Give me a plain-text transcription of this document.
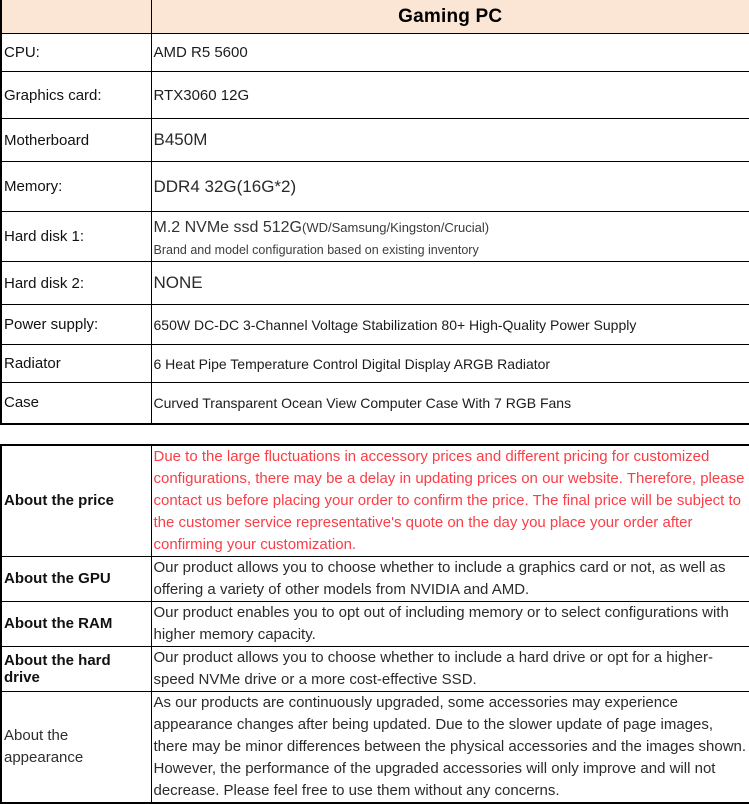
	Gaming PC
CPU:	AMD R5 5600
Graphics card:	RTX3060 12G
Motherboard	B450M
Memory:	DDR4 32G(16G*2)
Hard disk 1:	M.2 NVMe ssd 512G(WD/Samsung/Kingston/Crucial)
Brand and model configuration based on existing inventory

Hard disk 2:	NONE
Power supply:	650W DC-DC 3-Channel Voltage Stabilization 80+ High-Quality Power Supply
Radiator	6 Heat Pipe Temperature Control Digital Display ARGB Radiator
Case	Curved Transparent Ocean View Computer Case With 7 RGB Fans
About the price	Due to the large fluctuations in accessory prices and different pricing for customized configurations, there may be a delay in updating prices on our website. Therefore, please contact us before placing your order to confirm the price. The final price will be subject to the customer service representative's quote on the day you place your order after confirming your customization.
About the GPU	Our product allows you to choose whether to include a graphics card or not, as well as offering a variety of other models from NVIDIA and AMD.
About the RAM	Our product enables you to opt out of including memory or to select configurations with higher memory capacity.
About the hard drive	Our product allows you to choose whether to include a hard drive or opt for a higher-speed NVMe drive or a more cost-effective SSD.

About the appearance	As our products are continuously upgraded, some accessories may experience appearance changes after being updated. Due to the slower update of page images, there may be minor differences between the physical accessories and the images shown. However, the performance of the upgraded accessories will only improve and will not decrease. Please feel free to use them without any concerns.
